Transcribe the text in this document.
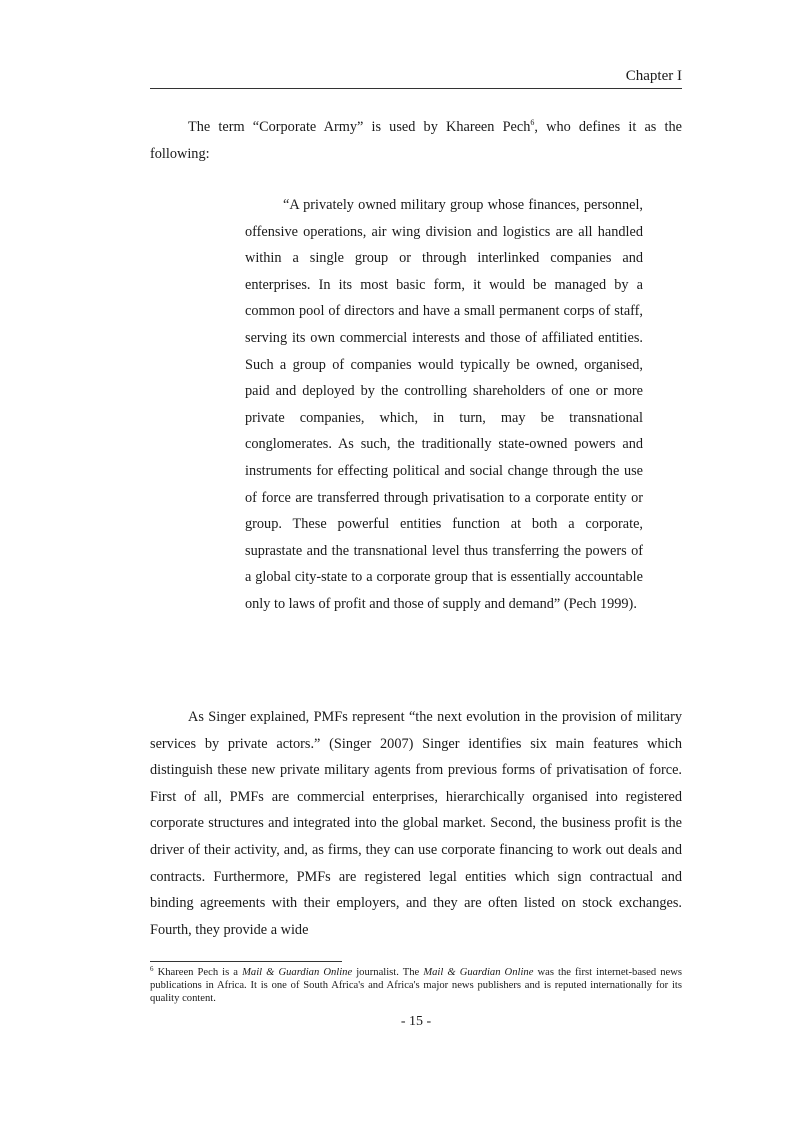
Chapter I

The term “Corporate Army” is used by Khareen Pech$^6$, who defines it as the following:

“A privately owned military group whose finances, personnel, offensive operations, air wing division and logistics are all handled within a single group or through interlinked companies and enterprises. In its most basic form, it would be managed by a common pool of directors and have a small permanent corps of staff, serving its own commercial interests and those of affiliated entities. Such a group of companies would typically be owned, organised, paid and deployed by the controlling shareholders of one or more private companies, which, in turn, may be transnational conglomerates. As such, the traditionally state-owned powers and instruments for effecting political and social change through the use of force are transferred through privatisation to a corporate entity or group. These powerful entities function at both a corporate, suprastate and the transnational level thus transferring the powers of a global city-state to a corporate group that is essentially accountable only to laws of profit and those of supply and demand” (Pech 1999).

As Singer explained, PMFs represent “the next evolution in the provision of military services by private actors.” (Singer 2007) Singer identifies six main features which distinguish these new private military agents from previous forms of privatisation of force. First of all, PMFs are commercial enterprises, hierarchically organised into registered corporate structures and integrated into the global market. Second, the business profit is the driver of their activity, and, as firms, they can use corporate financing to work out deals and contracts. Furthermore, PMFs are registered legal entities which sign contractual and binding agreements with their employers, and they are often listed on stock exchanges. Fourth, they provide a wide

$^6$ Khareen Pech is a Mail & Guardian Online journalist. The Mail & Guardian Online was the first internet-based news publications in Africa. It is one of South Africa's and Africa's major news publishers and is reputed internationally for its quality content.

- 15 -
